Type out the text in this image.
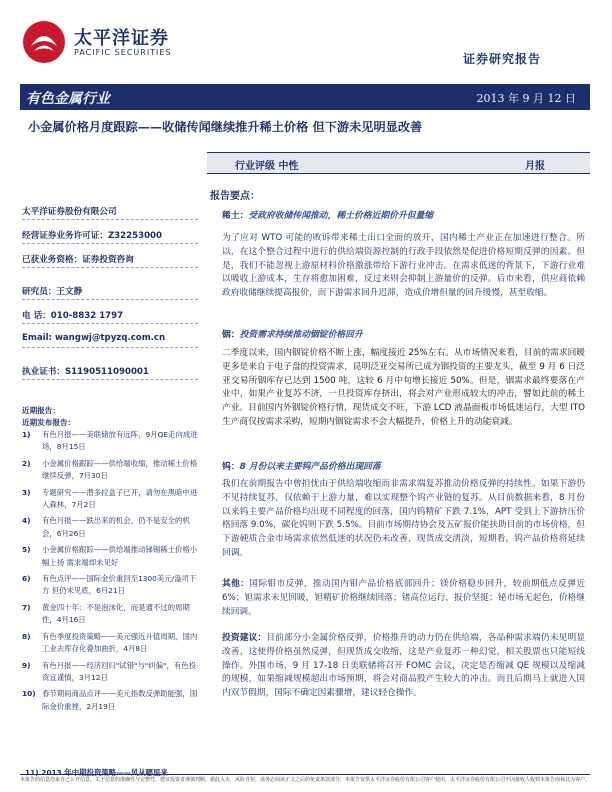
太平洋证券
PACIFIC SECURITIES	证券研究报告
有色金属行业	2013 年 9 月 12 日
小金属价格月度跟踪——收储传闻继续推升稀土价格 但下游未见明显改善
行业评级 中性	月报
太平洋证券股份有限公司
经营证券业务许可证：Z32253000
已获业务资格：证券投资咨询
研究员：王文静
电 话：010-8832 1797
Email: wangwj@tpyzq.com.cn
执业证书：S1190511090001
近期报告：
近期发布报告：
1) 有色月报——美联储放有远阵，9月QE走向成进场，8月15日
2) 小金属价格跟踪——供给端收缩，推动稀土价格继续反弹，7月30日
3) 专题研究——潜多拉盒子已开，请勿在黑暗中进入森林，7月2日
4) 有色月报——跌出来的机会，仍不是安全的机会，6月26日
5) 小金属价格跟踪——供给端推动锑锡稀土价格小幅上扬 需求端却未见好
6) 有色点评——国际金价重回至1300美元/盎司下方 但仍未见底，6月21日
7) 黄金四十年：不是泡沫化，而是通不过的周期性，4月16日
8) 有色季度投资策略——美元强近升值周期，国内工业去库存化叠加曲折，4月8日
9) 有色月报——经济回归"试错"与"纠偏"，有色投资宜谨慎，3月12日
10) 春节期间商品点评——美元指数反弹助能强，国际金价重挫，2月19日
报告要点：
稀土：受政府收储传闻推动，稀土价格近期价升但量缩
为了应对 WTO 可能的败诉带来稀土出口全面的放开，国内稀土产业正在加速进行整合。所以，在这个整合过程中进行的供给端资源控制的行政手段依然是促进价格短期反弹的因素。但是，我们不能忽视上游原材料价格激涨带给下游行业冲击。在需求低迷的背景下，下游行业难以吸收上游成本，生存将愈加困难，反过来则会抑制上游量价的反弹。后市来看，供应商依赖政府收储继续提高报价，而下游需求回升迟滞，造成价增但量的回升缓慢，甚至收缩。
铟：投资需求持续推动铟锭价格回升
二季度以来，国内铟锭价格不断上涨，幅度接近 25%左右。从市场情况来看，目前的需求回暖更多是来自于电子盘的投资需求，昆明泛亚交易所已成为铟投资的主要龙头，截至 9 月 6 日泛亚交易所铟库存已达到 1500 吨，这较 6 月中旬增长接近 50%。但是，铟需求最终要落在产业中，如果产业复苏不济，一旦投资库存挤出，将会对产业形成较大的冲击，譬如此前的稀土产业。目前国内外铟锭价格行情，现货成交不旺，下游 LCD 液晶面板市场低迷运行，大型 ITO 生产商仅按需求采购，短期内铟锭需求不会大幅提升，价格上升的动能衰减。
钨：8 月份以来主要钨产品价格出现回落
我们在前期报告中曾担忧由于供给端收缩而非需求端复苏推动价格反弹的持续性。如果下游仍不见持续复苏，仅依赖于上游力量，难以实现整个钨产业链的复苏。从目前数据来看，8 月份以来钨主要产品价格均出现不同程度的回落，国内钨精矿下跌 7.1%，APT 受到上下游挤压价格回落 9.0%，碳化钨则下跌 5.5%。目前市场期待协会及五矿报价能扶助目前的市场价格，但下游硬质合金市场需求依然低迷的状况仍未改善，现货成交清淡，短期看，钨产品价格将延续回调。
其他：国际钼市反弹，推动国内钼产品价格底部回升；镁价格稳步回升，较前期低点反弹近 6%；钽需求未见回暖，钽精矿价格继续回落；锗高位运行，报价坚挺；铋市场无起色，价格继续回调。
投资建议：目前部分小金属价格反弹，价格推升的动力仍在供给端，各品种需求端仍未见明显改善，这使得价格虽然反弹，但现货成交收缩，这是产业复苏一种幻觉，相关股票也只能短线操作。外围市场，9 月 17-18 日美联储将召开 FOMC 会议，决定是否缩减 QE 规模以及缩减的规模，如果缩减规模超出市场预期，将会对商品股产生较大的冲击。而且后期马上就进入国内双节假期，国际不确定因素骤增，建议轻仓操作。
11) 2013 年中期投资策略——风从哪里来
本报告的信息均来自已公开信息，关于信息的准确性与完整性，建议投资者谨慎判断，据此入市，风险自担。请务必阅读正文之后的免责条款部分。本报告仅供太平洋证券股份有限公司客户使用，太平洋证券股份有限公司不因接收人收到本报告而视其为客户。
